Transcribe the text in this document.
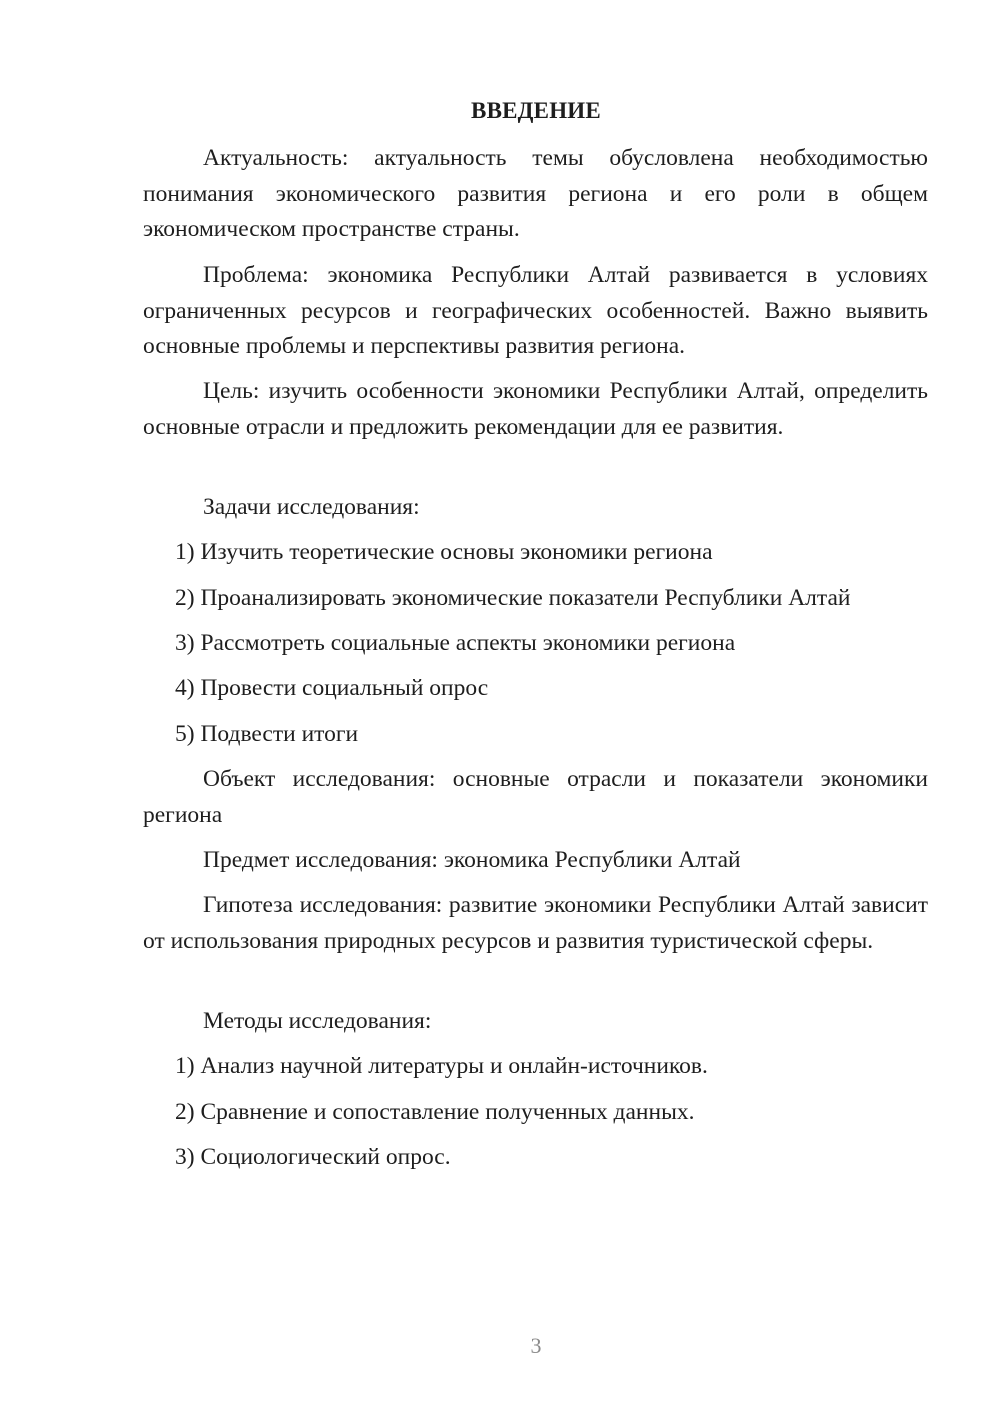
ВВЕДЕНИЕ

Актуальность: актуальность темы обусловлена необходимостью понимания экономического развития региона и его роли в общем экономическом пространстве страны.

Проблема: экономика Республики Алтай развивается в условиях ограниченных ресурсов и географических особенностей. Важно выявить основные проблемы и перспективы развития региона.

Цель: изучить особенности экономики Республики Алтай, определить основные отрасли и предложить рекомендации для ее развития.

Задачи исследования:
1) Изучить теоретические основы экономики региона
2) Проанализировать экономические показатели Республики Алтай
3) Рассмотреть социальные аспекты экономики региона
4) Провести социальный опрос
5) Подвести итоги

Объект исследования: основные отрасли и показатели экономики региона

Предмет исследования: экономика Республики Алтай

Гипотеза исследования: развитие экономики Республики Алтай зависит от использования природных ресурсов и развития туристической сферы.

Методы исследования:
1) Анализ научной литературы и онлайн-источников.
2) Сравнение и сопоставление полученных данных.
3) Социологический опрос.
3
